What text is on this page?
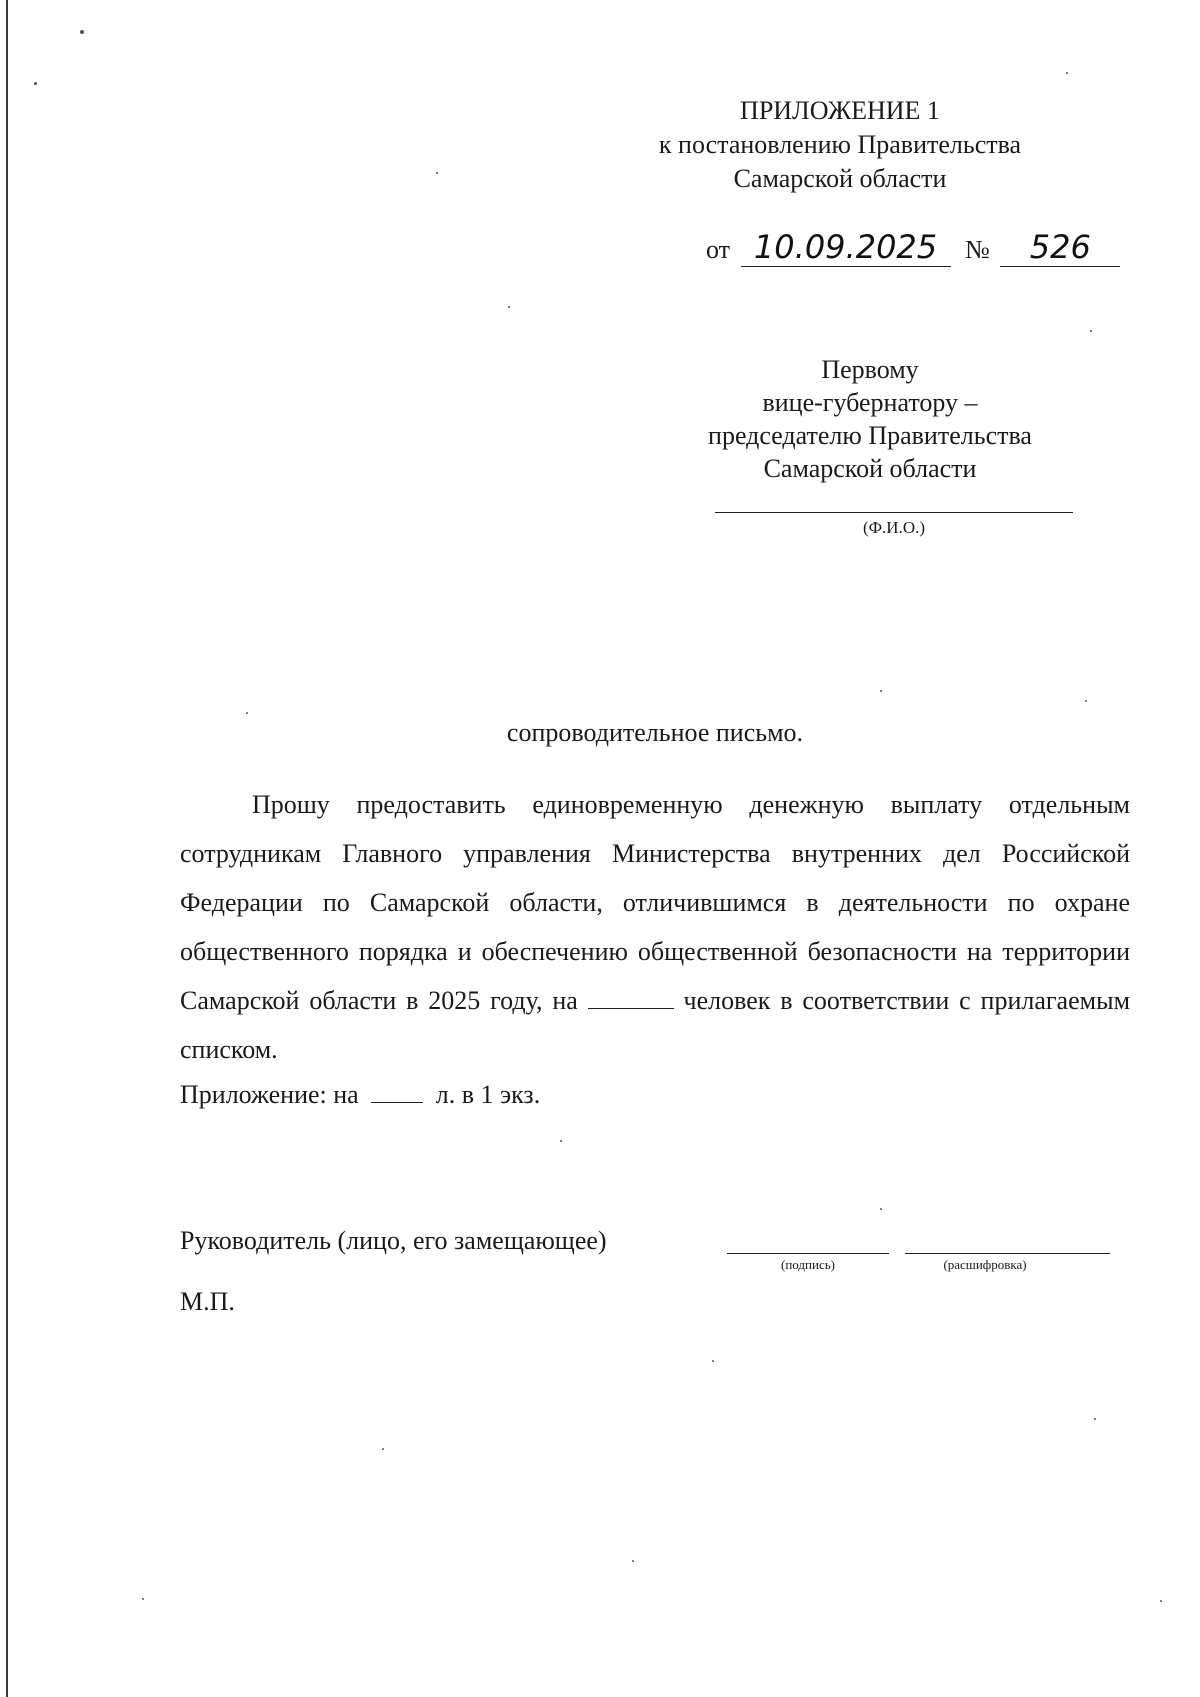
ПРИЛОЖЕНИЕ 1
к постановлению Правительства
Самарской области
от 10.09.2025 № 526
Первому
вице-губернатору –
председателю Правительства
Самарской области
(Ф.И.О.)
сопроводительное письмо.
Прошу предоставить единовременную денежную выплату отдельным сотрудникам Главного управления Министерства внутренних дел Российской Федерации по Самарской области, отличившимся в деятельности по охране общественного порядка и обеспечению общественной безопасности на территории Самарской области в 2025 году, на	человек в соответствии с прилагаемым списком.
Приложение: на	л. в 1 экз.
Руководитель (лицо, его замещающее)
(подпись)	(расшифровка)
М.П.
